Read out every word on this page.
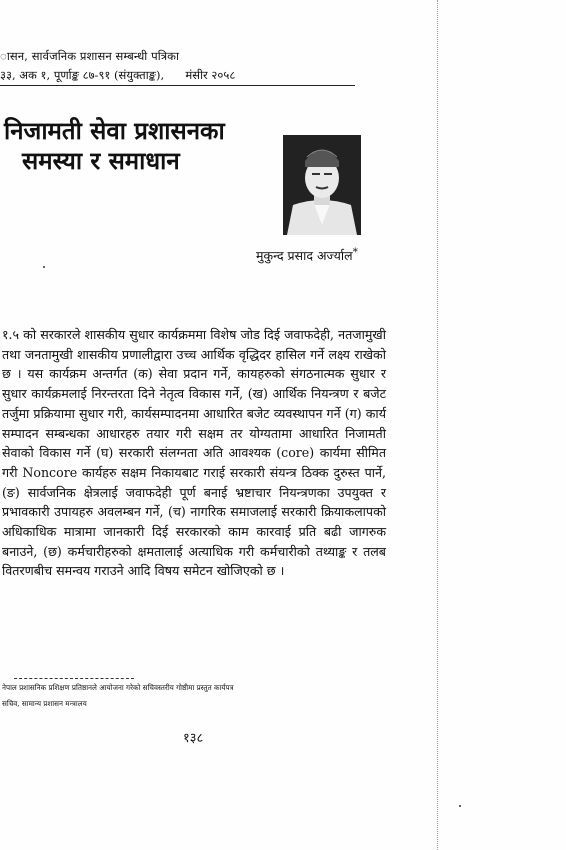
ासन, सार्वजनिक प्रशासन सम्बन्धी पत्रिका
३३, अक १, पूर्णाङ्क ८७-९१ (संयुक्ताङ्क), मंसीर २०५८
निजामती सेवा प्रशासनका
समस्या र समाधान
मुकुन्द प्रसाद अर्ज्याल*

१.५ को सरकारले शासकीय सुधार कार्यक्रममा विशेष जोड दिई जवाफदेही, नतजामुखी तथा जनतामुखी शासकीय प्रणालीद्वारा उच्च आर्थिक वृद्धिदर हासिल गर्ने लक्ष्य राखेको छ । यस कार्यक्रम अन्तर्गत (क) सेवा प्रदान गर्ने, कायहरुको संगठनात्मक सुधार र सुधार कार्यक्रमलाई निरन्तरता दिने नेतृत्व विकास गर्ने, (ख) आर्थिक नियन्त्रण र बजेट तर्जुमा प्रक्रियामा सुधार गरी, कार्यसम्पादनमा आधारित बजेट व्यवस्थापन गर्ने (ग) कार्य सम्पादन सम्बन्धका आधारहरु तयार गरी सक्षम तर योग्यतामा आधारित निजामती सेवाको विकास गर्ने (घ) सरकारी संलग्नता अति आवश्यक (core) कार्यमा सीमित गरी Noncore कार्यहरु सक्षम निकायबाट गराई सरकारी संयन्त्र ठिक्क दुरुस्त पार्ने, (ङ) सार्वजनिक क्षेत्रलाई जवाफदेही पूर्ण बनाई भ्रष्टाचार नियन्त्रणका उपयुक्त र प्रभावकारी उपायहरु अवलम्बन गर्ने, (च) नागरिक समाजलाई सरकारी क्रियाकलापको अधिकाधिक मात्रामा जानकारी दिई सरकारको काम कारवाई प्रति बढी जागरुक बनाउने, (छ) कर्मचारीहरुको क्षमतालाई अत्याधिक गरी कर्मचारीको तथ्याङ्क र तलब वितरणबीच समन्वय गराउने आदि विषय समेटन खोजिएको छ ।

नेपाल प्रशासनिक प्रशिक्षण प्रतिष्ठानले आयोजना गरेको सचिवस्तरीय गोष्ठीमा प्रस्तुत कार्यपत्र
सचिव, सामान्य प्रशासन मन्त्रालय
१३८
